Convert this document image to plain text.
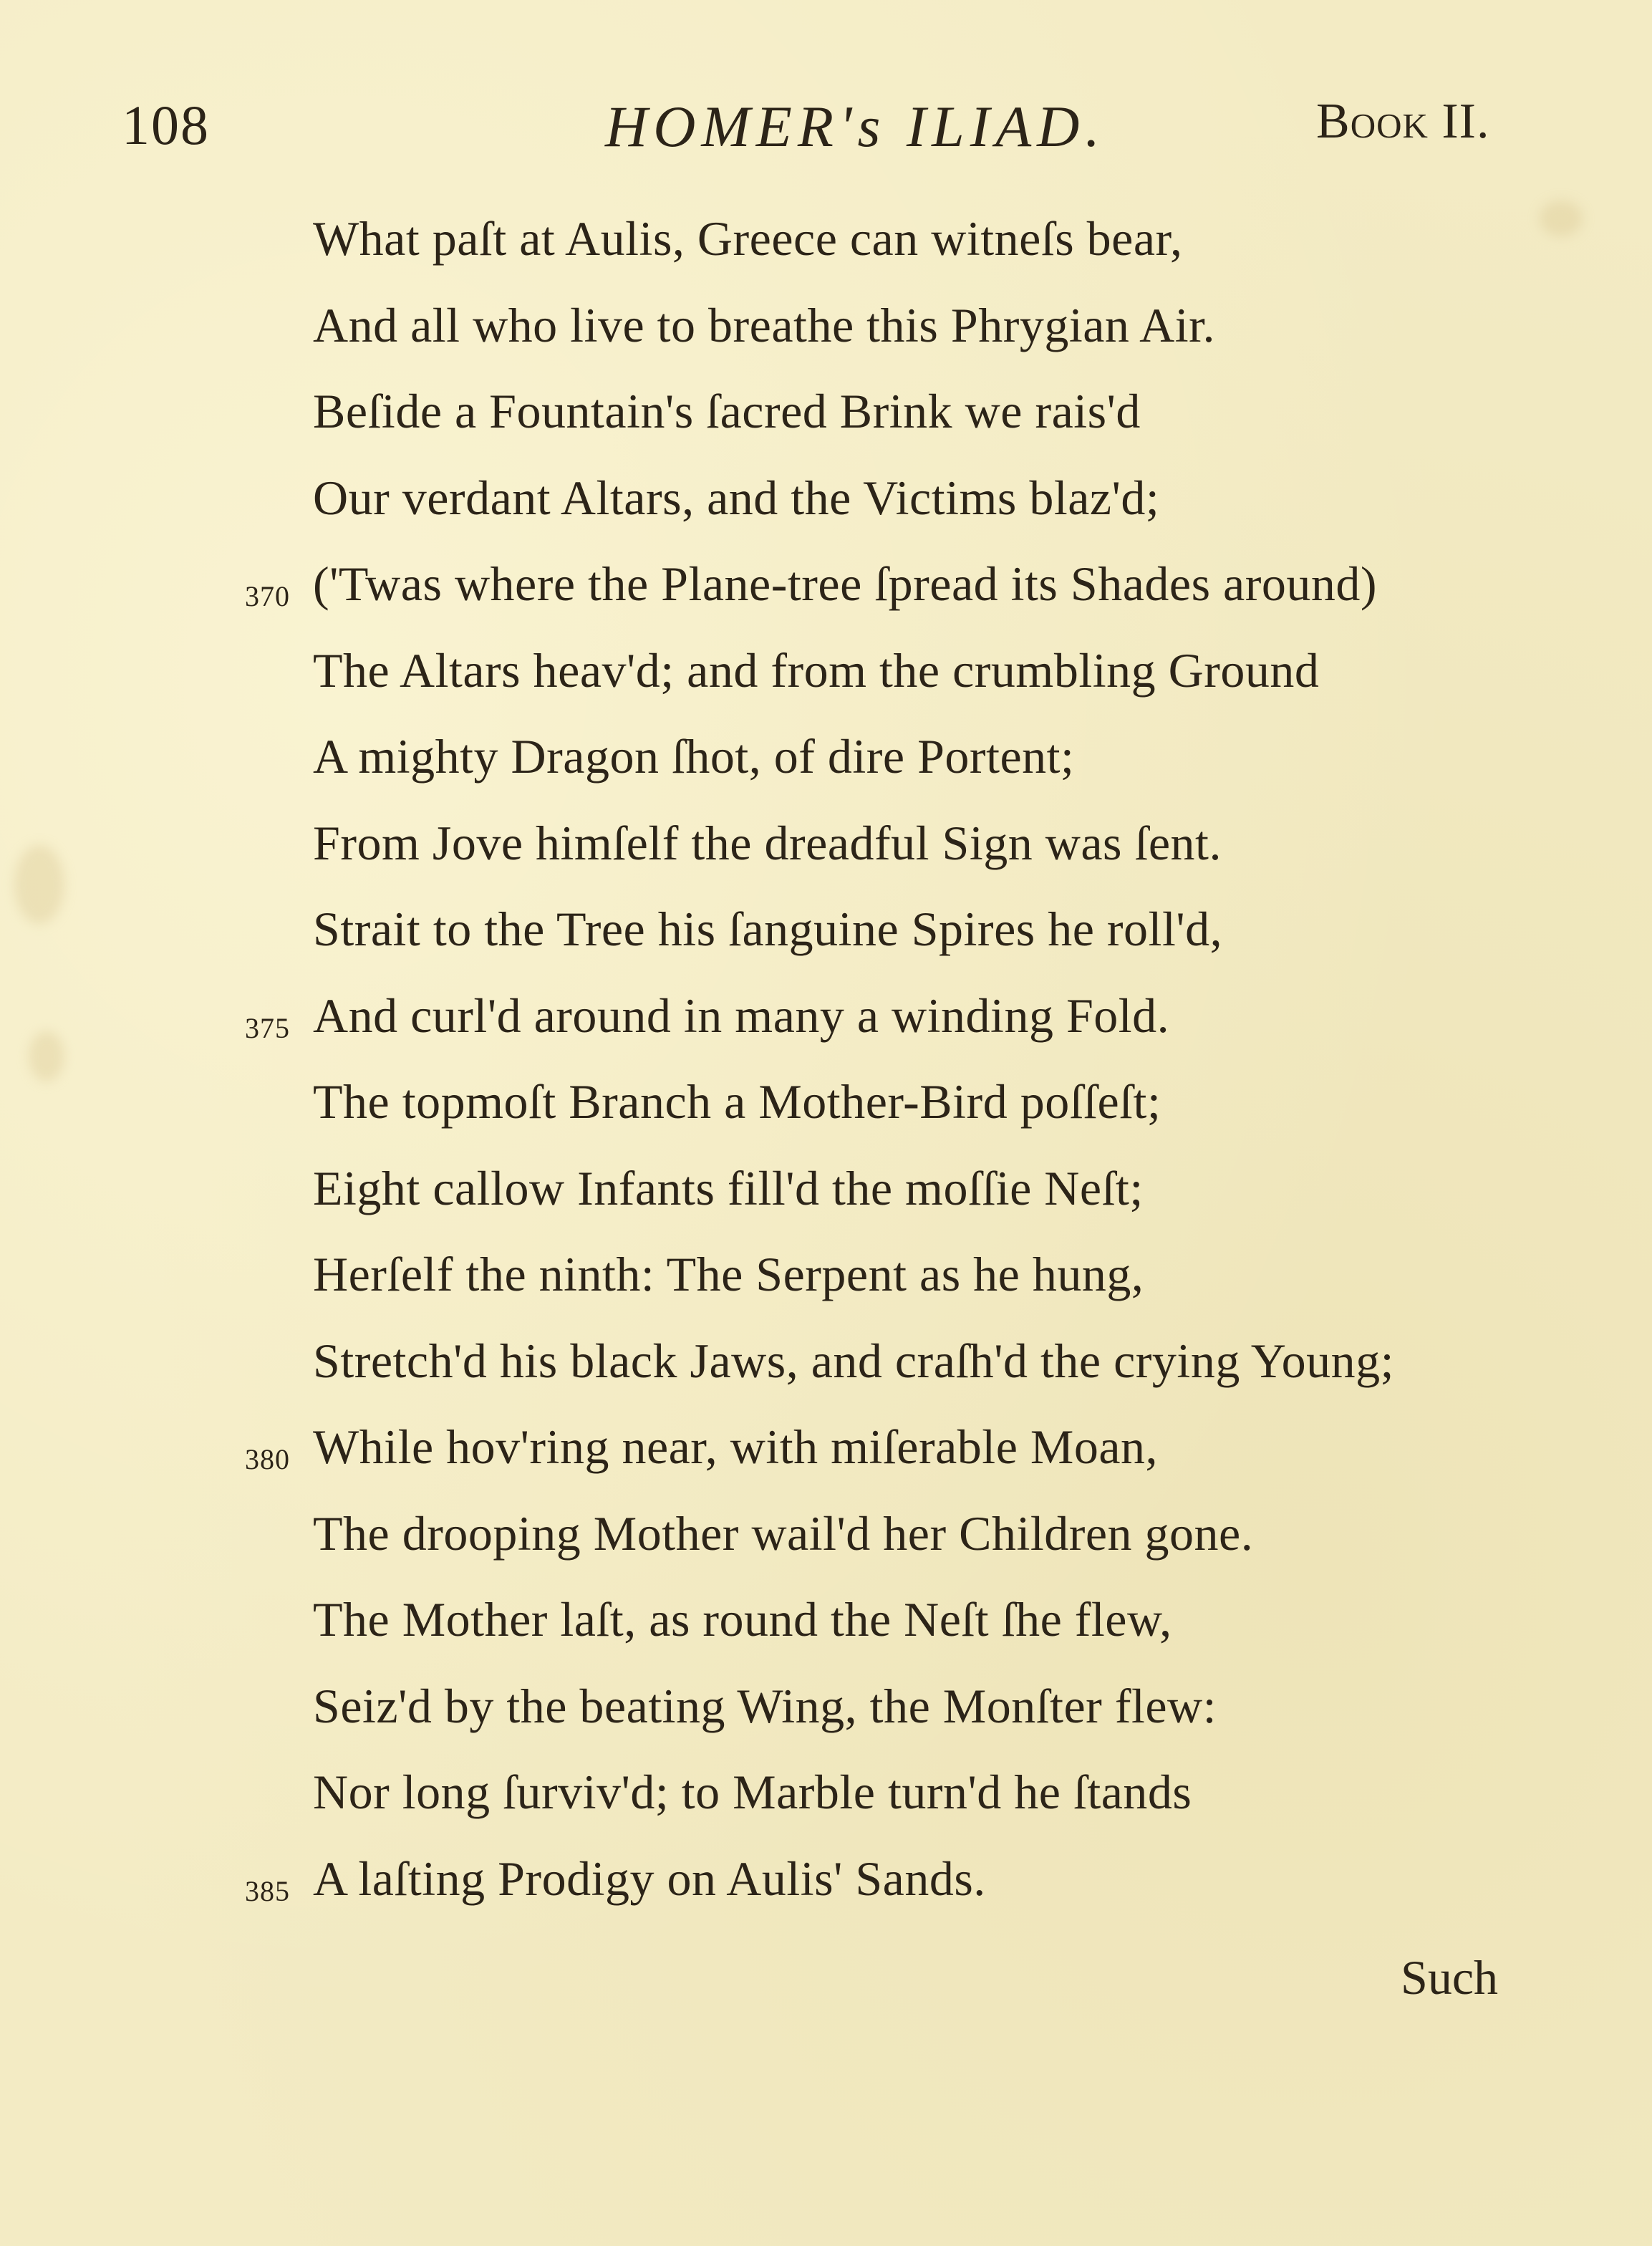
108	HOMER's ILIAD.	Book II.
What paſt at Aulis, Greece can witneſs bear,
And all who live to breathe this Phrygian Air.
Beſide a Fountain's ſacred Brink we rais'd
Our verdant Altars, and the Victims blaz'd;
370 ('Twas where the Plane-tree ſpread its Shades around)
The Altars heav'd; and from the crumbling Ground
A mighty Dragon ſhot, of dire Portent;
From Jove himſelf the dreadful Sign was ſent.
Strait to the Tree his ſanguine Spires he roll'd,
375 And curl'd around in many a winding Fold.
The topmoſt Branch a Mother-Bird poſſeſt;
Eight callow Infants fill'd the moſſie Neſt;
Herſelf the ninth: The Serpent as he hung,
Stretch'd his black Jaws, and craſh'd the crying Young;
380 While hov'ring near, with miſerable Moan,
The drooping Mother wail'd her Children gone.
The Mother laſt, as round the Neſt ſhe flew,
Seiz'd by the beating Wing, the Monſter flew:
Nor long ſurviv'd; to Marble turn'd he ſtands
385 A laſting Prodigy on Aulis' Sands.
Such
